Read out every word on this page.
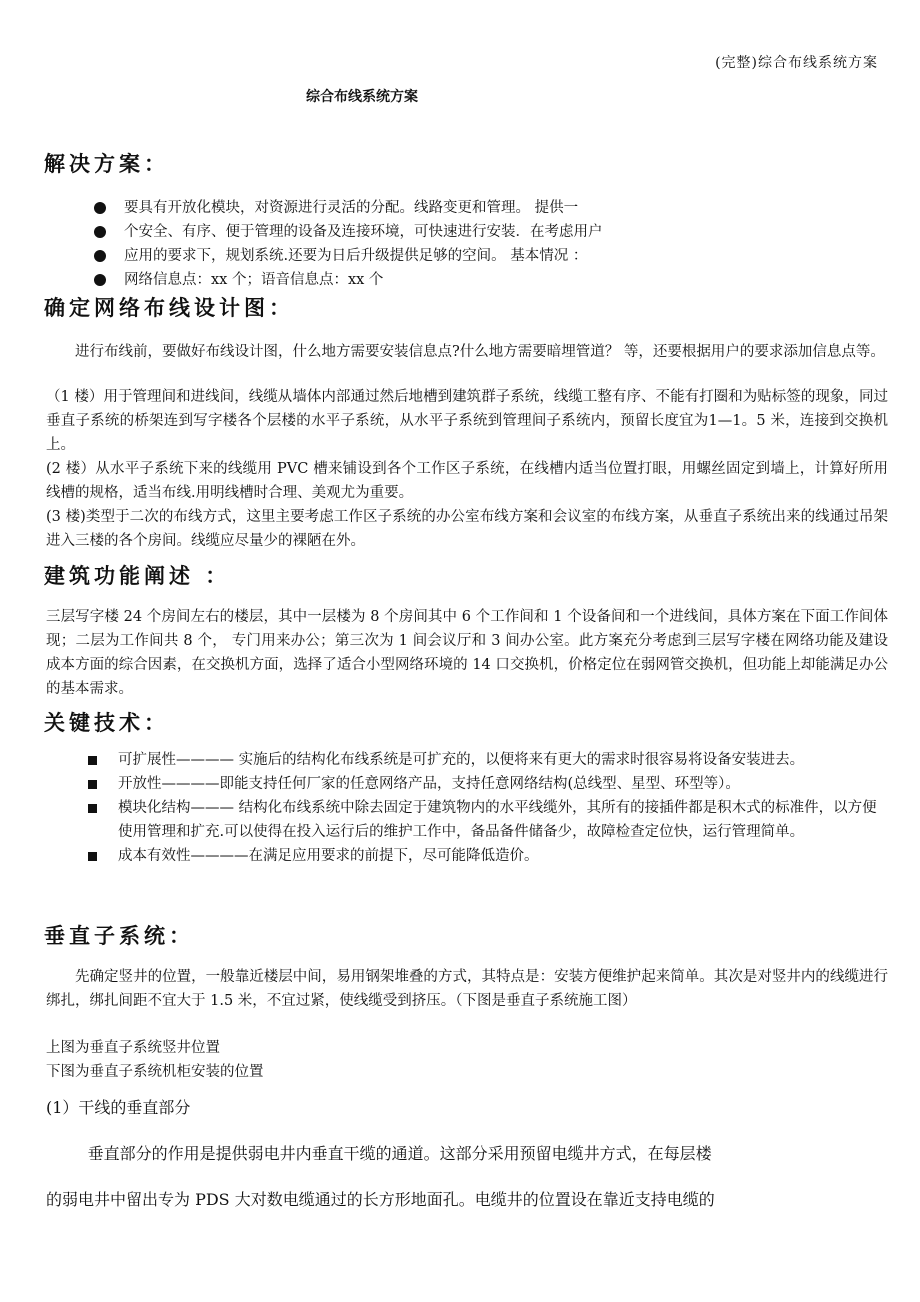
(完整)综合布线系统方案
综合布线系统方案
解决方案：
要具有开放化模块，对资源进行灵活的分配。线路变更和管理。 提供一
个安全、有序、便于管理的设备及连接环境，可快速进行安装．在考虑用户
应用的要求下，规划系统.还要为日后升级提供足够的空间。 基本情况 ：
网络信息点：xx 个；语音信息点：xx 个
确定网络布线设计图：
进行布线前，要做好布线设计图，什么地方需要安装信息点?什么地方需要暗埋管道？ 等，还要根据用户的要求添加信息点等。
（1 楼）用于管理间和进线间，线缆从墙体内部通过然后地槽到建筑群子系统，线缆工整有序、不能有打圈和为贴标签的现象，同过垂直子系统的桥架连到写字楼各个层楼的水平子系统，从水平子系统到管理间子系统内，预留长度宜为1—1。5 米，连接到交换机上。
(2 楼）从水平子系统下来的线缆用 PVC 槽来铺设到各个工作区子系统，在线槽内适当位置打眼，用螺丝固定到墙上，计算好所用线槽的规格，适当布线.用明线槽时合理、美观尤为重要。
(3 楼)类型于二次的布线方式，这里主要考虑工作区子系统的办公室布线方案和会议室的布线方案，从垂直子系统出来的线通过吊架进入三楼的各个房间。线缆应尽量少的裸陋在外。
建筑功能阐述 ：
三层写字楼 24 个房间左右的楼层，其中一层楼为 8 个房间其中 6 个工作间和 1 个设备间和一个进线间，具体方案在下面工作间体现；二层为工作间共 8 个， 专门用来办公；第三次为 1 间会议厅和 3 间办公室。此方案充分考虑到三层写字楼在网络功能及建设成本方面的综合因素，在交换机方面，选择了适合小型网络环境的 14 口交换机，价格定位在弱网管交换机，但功能上却能满足办公的基本需求。
关键技术：
可扩展性———— 实施后的结构化布线系统是可扩充的，以便将来有更大的需求时很容易将设备安装进去。
开放性————即能支持任何厂家的任意网络产品，支持任意网络结构(总线型、星型、环型等）。
模块化结构——— 结构化布线系统中除去固定于建筑物内的水平线缆外，其所有的接插件都是积木式的标准件，以方便使用管理和扩充.可以使得在投入运行后的维护工作中，备品备件储备少，故障检查定位快，运行管理简单。
成本有效性————在满足应用要求的前提下，尽可能降低造价。
垂直子系统：
先确定竖井的位置，一般靠近楼层中间，易用钢架堆叠的方式，其特点是：安装方便维护起来简单。其次是对竖井内的线缆进行绑扎，绑扎间距不宜大于 1.5 米，不宜过紧，使线缆受到挤压。（下图是垂直子系统施工图）
上图为垂直子系统竖井位置
下图为垂直子系统机柜安装的位置
(1）干线的垂直部分
垂直部分的作用是提供弱电井内垂直干缆的通道。这部分采用预留电缆井方式，在每层楼
的弱电井中留出专为 PDS 大对数电缆通过的长方形地面孔。电缆井的位置设在靠近支持电缆的
